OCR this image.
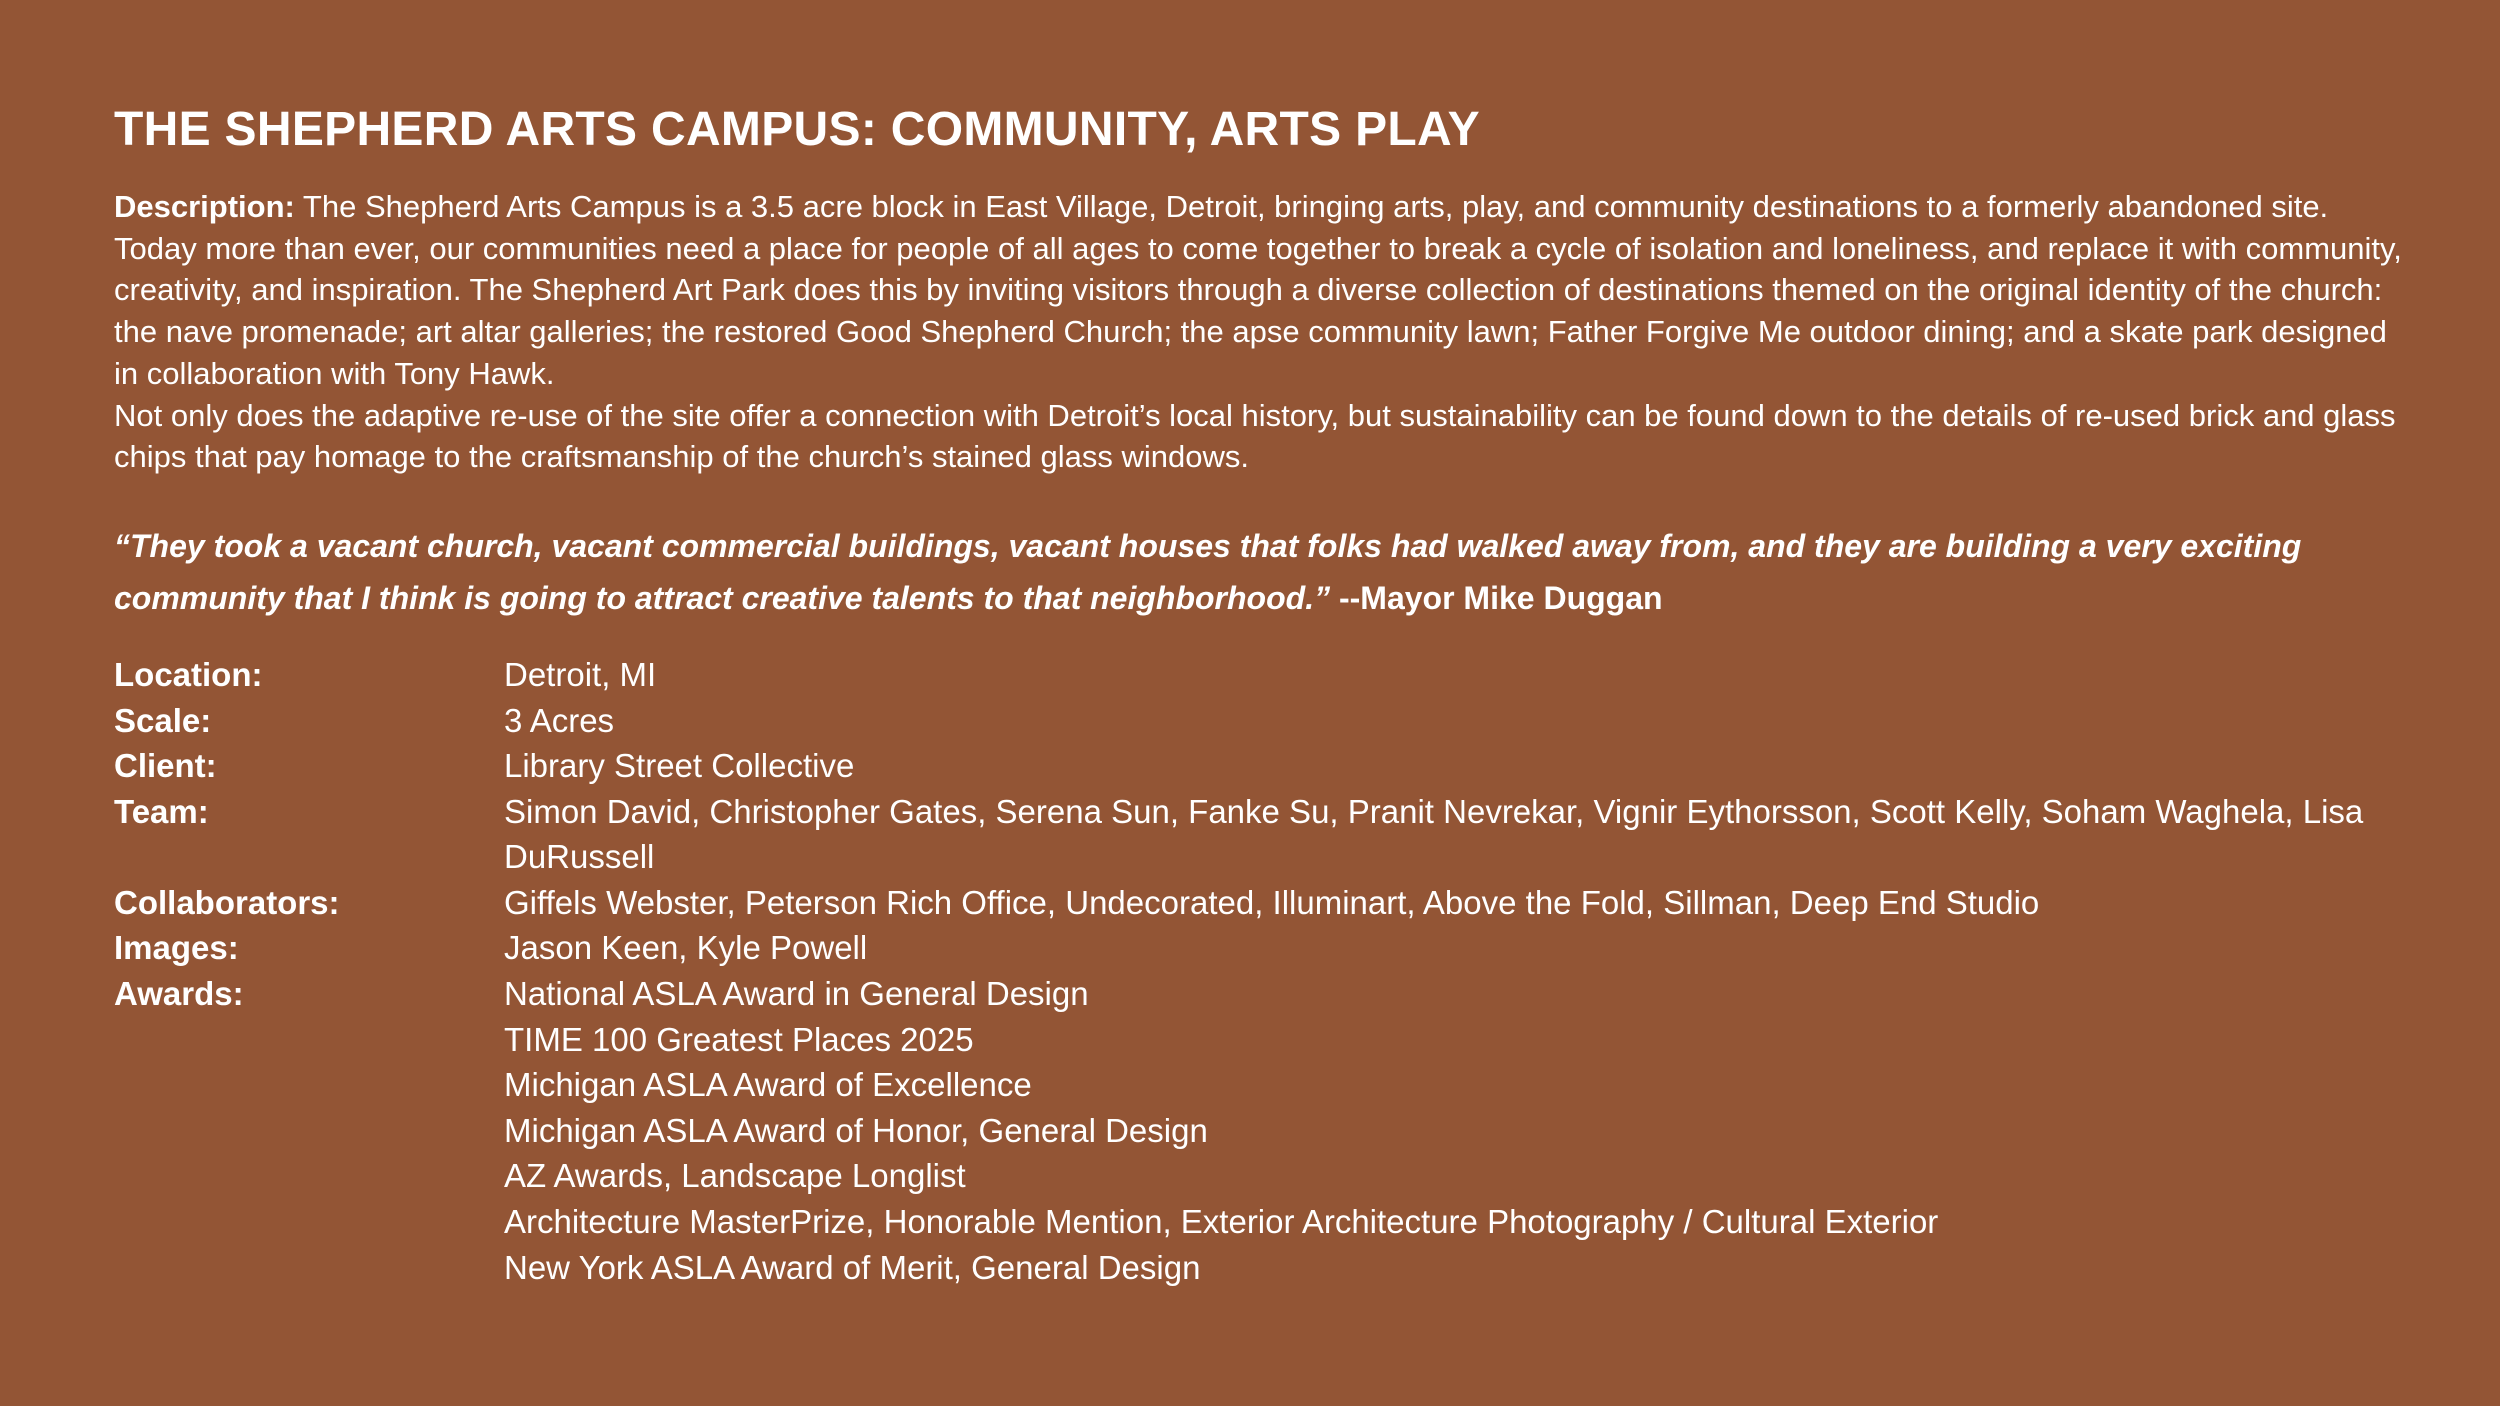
THE SHEPHERD ARTS CAMPUS: COMMUNITY, ARTS PLAY

Description: The Shepherd Arts Campus is a 3.5 acre block in East Village, Detroit, bringing arts, play, and community destinations to a formerly abandoned site. Today more than ever, our communities need a place for people of all ages to come together to break a cycle of isolation and loneliness, and replace it with community, creativity, and inspiration. The Shepherd Art Park does this by inviting visitors through a diverse collection of destinations themed on the original identity of the church: the nave promenade; art altar galleries; the restored Good Shepherd Church; the apse community lawn; Father Forgive Me outdoor dining; and a skate park designed in collaboration with Tony Hawk.
Not only does the adaptive re-use of the site offer a connection with Detroit’s local history, but sustainability can be found down to the details of re-used brick and glass chips that pay homage to the craftsmanship of the church’s stained glass windows.

“They took a vacant church, vacant commercial buildings, vacant houses that folks had walked away from, and they are building a very exciting community that I think is going to attract creative talents to that neighborhood.” --Mayor Mike Duggan

Location:	Detroit, MI
Scale:	3 Acres
Client:	Library Street Collective
Team:	Simon David, Christopher Gates, Serena Sun, Fanke Su, Pranit Nevrekar, Vignir Eythorsson, Scott Kelly, Soham Waghela, Lisa DuRussell
Collaborators:	Giffels Webster, Peterson Rich Office, Undecorated, Illuminart, Above the Fold, Sillman, Deep End Studio
Images:	Jason Keen, Kyle Powell
Awards:	National ASLA Award in General Design
TIME 100 Greatest Places 2025
Michigan ASLA Award of Excellence
Michigan ASLA Award of Honor, General Design
AZ Awards, Landscape Longlist
Architecture MasterPrize, Honorable Mention, Exterior Architecture Photography / Cultural Exterior
New York ASLA Award of Merit, General Design
